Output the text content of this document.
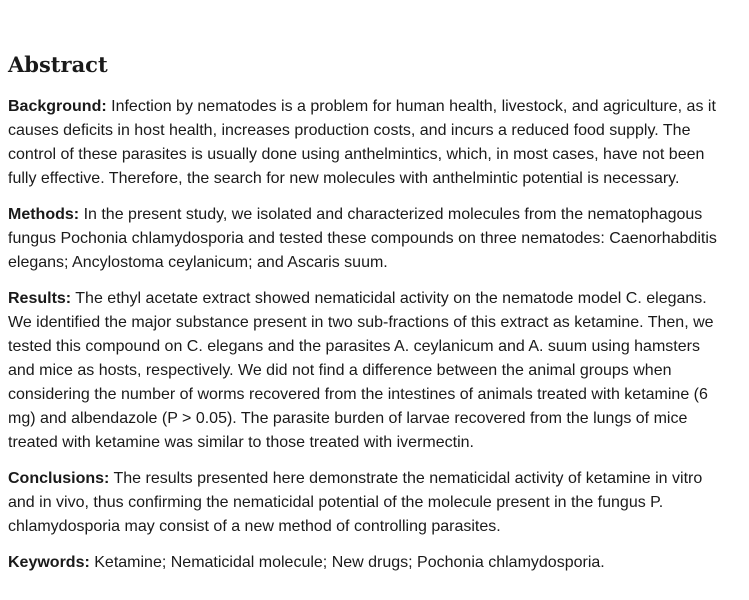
Abstract

Background: Infection by nematodes is a problem for human health, livestock, and agriculture, as it causes deficits in host health, increases production costs, and incurs a reduced food supply. The control of these parasites is usually done using anthelmintics, which, in most cases, have not been fully effective. Therefore, the search for new molecules with anthelmintic potential is necessary.

Methods: In the present study, we isolated and characterized molecules from the nematophagous fungus Pochonia chlamydosporia and tested these compounds on three nematodes: Caenorhabditis elegans; Ancylostoma ceylanicum; and Ascaris suum.

Results: The ethyl acetate extract showed nematicidal activity on the nematode model C. elegans. We identified the major substance present in two sub-fractions of this extract as ketamine. Then, we tested this compound on C. elegans and the parasites A. ceylanicum and A. suum using hamsters and mice as hosts, respectively. We did not find a difference between the animal groups when considering the number of worms recovered from the intestines of animals treated with ketamine (6 mg) and albendazole (P > 0.05). The parasite burden of larvae recovered from the lungs of mice treated with ketamine was similar to those treated with ivermectin.

Conclusions: The results presented here demonstrate the nematicidal activity of ketamine in vitro and in vivo, thus confirming the nematicidal potential of the molecule present in the fungus P. chlamydosporia may consist of a new method of controlling parasites.

Keywords: Ketamine; Nematicidal molecule; New drugs; Pochonia chlamydosporia.
